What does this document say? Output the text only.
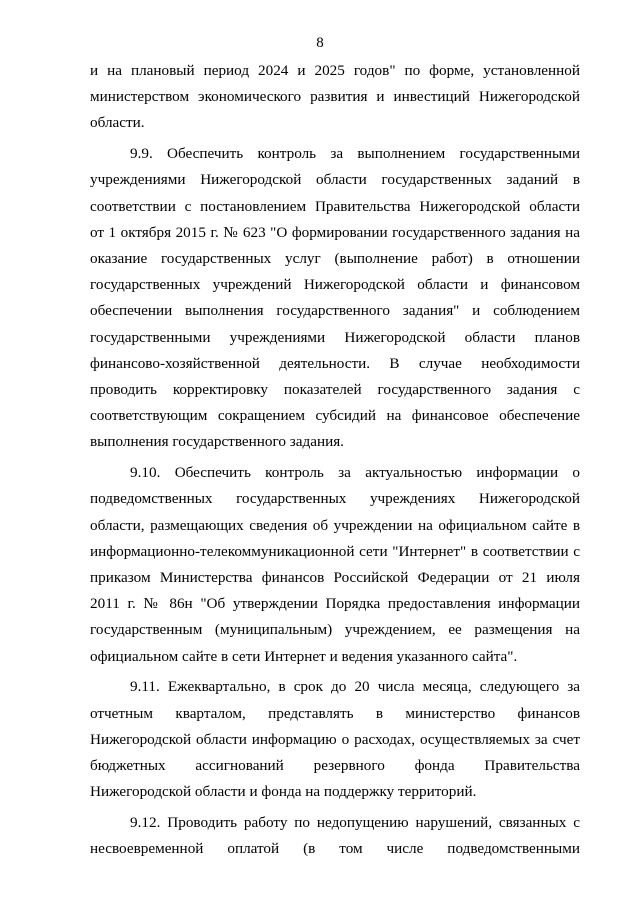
8
и на плановый период 2024 и 2025 годов" по форме, установленной
министерством экономического развития и инвестиций Нижегородской
области.
9.9. Обеспечить контроль за выполнением государственными
учреждениями Нижегородской области государственных заданий в
соответствии с постановлением Правительства Нижегородской области
от 1 октября 2015 г. № 623 "О формировании государственного задания на
оказание государственных услуг (выполнение работ) в отношении
государственных учреждений Нижегородской области и финансовом
обеспечении выполнения государственного задания" и соблюдением
государственными учреждениями Нижегородской области планов
финансово-хозяйственной деятельности. В случае необходимости
проводить корректировку показателей государственного задания с
соответствующим сокращением субсидий на финансовое обеспечение
выполнения государственного задания.
9.10. Обеспечить контроль за актуальностью информации о
подведомственных государственных учреждениях Нижегородской
области, размещающих сведения об учреждении на официальном сайте в
информационно-телекоммуникационной сети "Интернет" в соответствии с
приказом Министерства финансов Российской Федерации от 21 июля
2011 г. № 86н "Об утверждении Порядка предоставления информации
государственным (муниципальным) учреждением, ее размещения на
официальном сайте в сети Интернет и ведения указанного сайта".
9.11. Ежеквартально, в срок до 20 числа месяца, следующего за
отчетным кварталом, представлять в министерство финансов
Нижегородской области информацию о расходах, осуществляемых за счет
бюджетных ассигнований резервного фонда Правительства
Нижегородской области и фонда на поддержку территорий.
9.12. Проводить работу по недопущению нарушений, связанных с
несвоевременной оплатой (в том числе подведомственными
